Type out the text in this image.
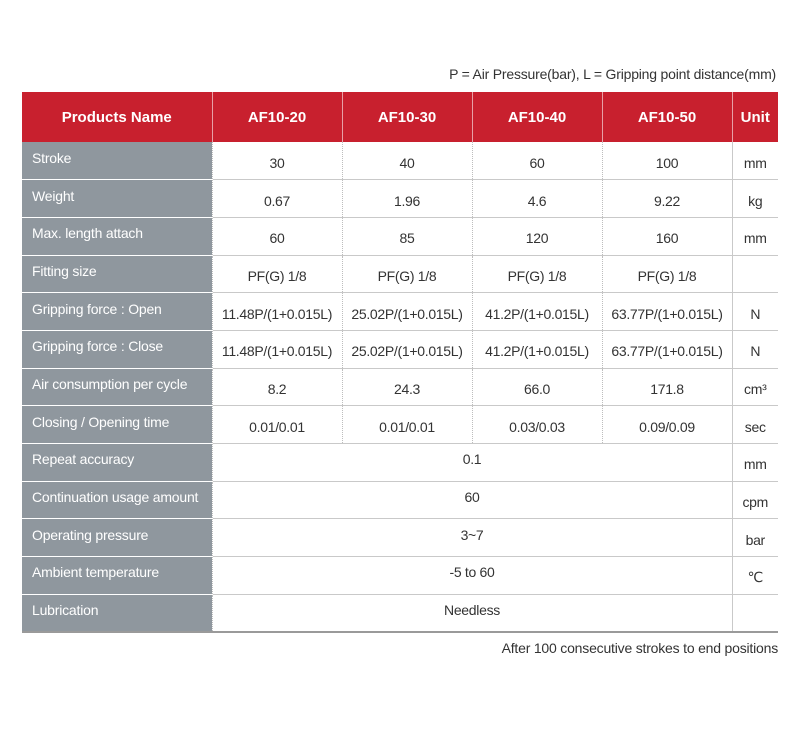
P = Air Pressure(bar), L = Gripping point distance(mm)
Products Name	AF10-20	AF10-30	AF10-40	AF10-50	Unit
Stroke	30	40	60	100	mm
Weight	0.67	1.96	4.6	9.22	kg
Max. length attach	60	85	120	160	mm
Fitting size	PF(G) 1/8	PF(G) 1/8	PF(G) 1/8	PF(G) 1/8	
Gripping force : Open	11.48P/(1+0.015L)	25.02P/(1+0.015L)	41.2P/(1+0.015L)	63.77P/(1+0.015L)	N
Gripping force : Close	11.48P/(1+0.015L)	25.02P/(1+0.015L)	41.2P/(1+0.015L)	63.77P/(1+0.015L)	N
Air consumption per cycle	8.2	24.3	66.0	171.8	cm³
Closing / Opening time	0.01/0.01	0.01/0.01	0.03/0.03	0.09/0.09	sec
Repeat accuracy	0.1				mm
Continuation usage amount	60				cpm
Operating pressure	3~7				bar
Ambient temperature	-5 to 60				℃
Lubrication	Needless				
After 100 consecutive strokes to end positions
